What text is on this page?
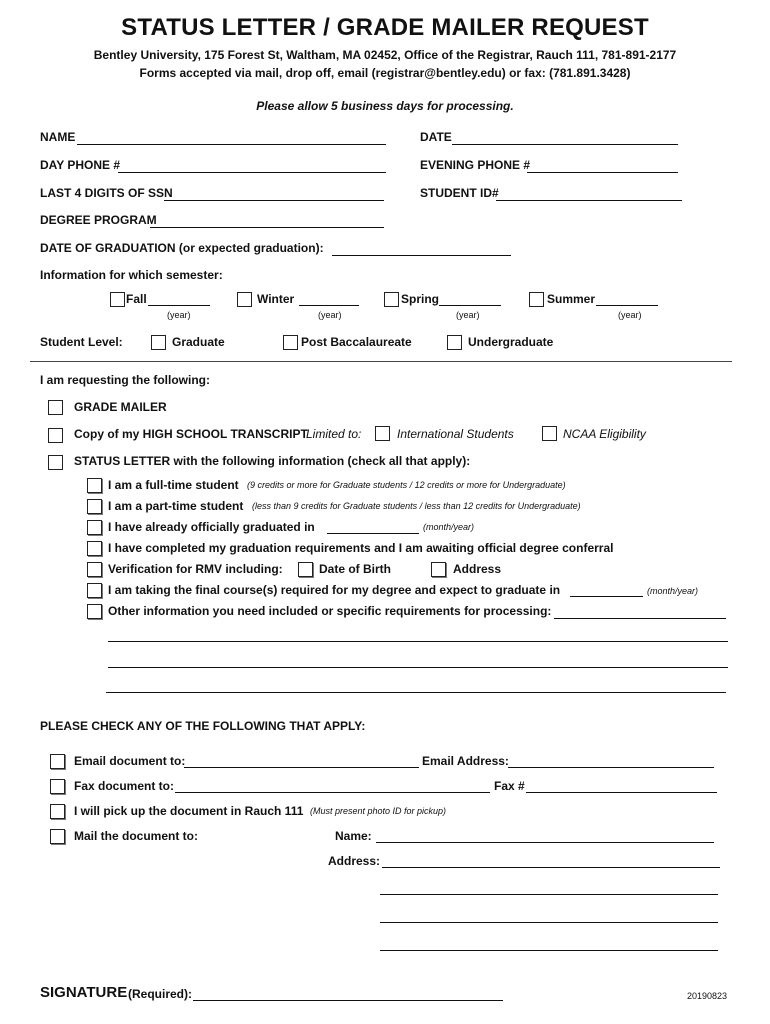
STATUS LETTER / GRADE MAILER REQUEST
Bentley University, 175 Forest St, Waltham, MA 02452, Office of the Registrar, Rauch 111, 781-891-2177
Forms accepted via mail, drop off, email (registrar@bentley.edu) or fax: (781.891.3428)
Please allow 5 business days for processing.
NAME	DATE
DAY PHONE #	EVENING PHONE #
LAST 4 DIGITS OF SSN	STUDENT ID#
DEGREE PROGRAM
DATE OF GRADUATION (or expected graduation):
Information for which semester:
Fall
(year)
Winter
(year)
Spring
(year)
Summer
(year)
Student Level:	Graduate	Post Baccalaureate	Undergraduate
I am requesting the following:
GRADE MAILER
Copy of my HIGH SCHOOL TRANSCRIPT
Limited to:	International Students	NCAA Eligibility
STATUS LETTER with the following information (check all that apply):
I am a full-time student (9 credits or more for Graduate students / 12 credits or more for Undergraduate)
I am a part-time student (less than 9 credits for Graduate students / less than 12 credits for Undergraduate)
I have already officially graduated in	(month/year)
I have completed my graduation requirements and I am awaiting official degree conferral
Verification for RMV including:	Date of Birth	Address
I am taking the final course(s) required for my degree and expect to graduate in	(month/year)
Other information you need included or specific requirements for processing:
PLEASE CHECK ANY OF THE FOLLOWING THAT APPLY:
Email document to:	Email Address:
Fax document to:	Fax #
I will pick up the document in Rauch 111 (Must present photo ID for pickup)
Mail the document to:	Name:
Address:
SIGNATURE (Required):	20190823
